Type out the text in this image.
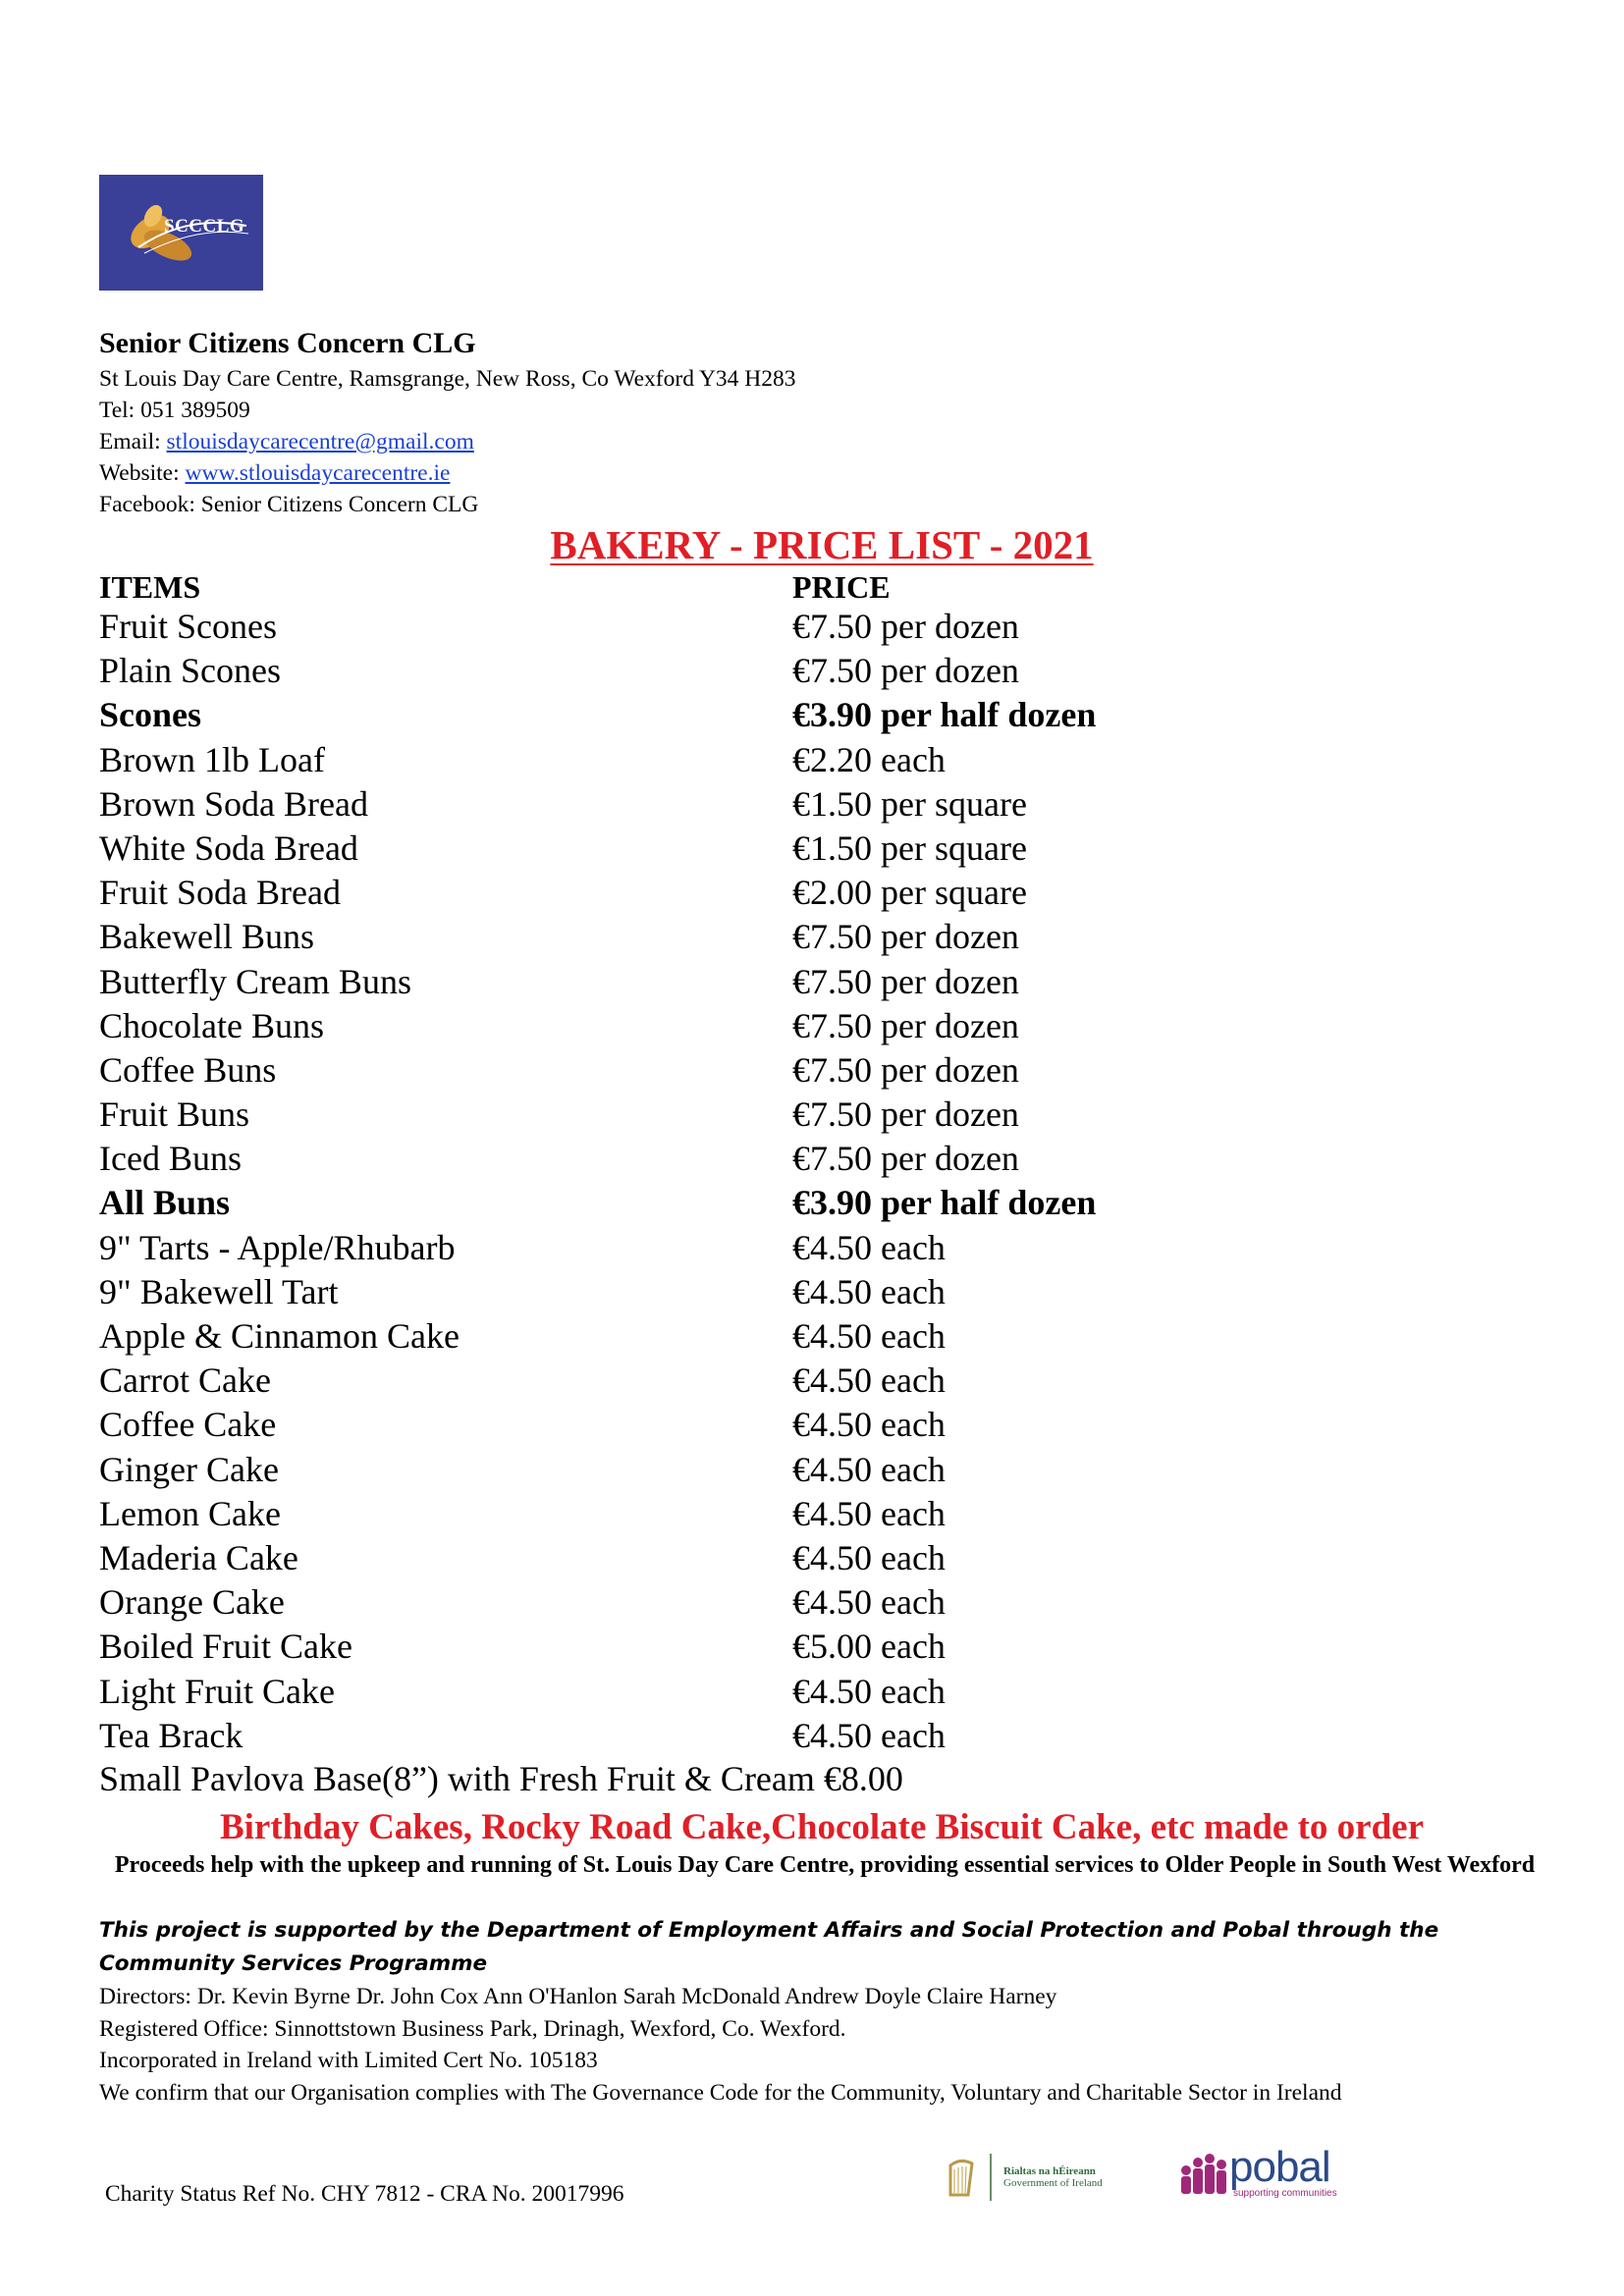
SCCCLG
Senior Citizens Concern CLG
St Louis Day Care Centre, Ramsgrange, New Ross, Co Wexford Y34 H283
Tel: 051 389509
Email: stlouisdaycarecentre@gmail.com
Website: www.stlouisdaycarecentre.ie
Facebook: Senior Citizens Concern CLG
BAKERY - PRICE LIST - 2021
ITEMS	PRICE
Fruit Scones	€7.50 per dozen
Plain Scones	€7.50 per dozen
Scones	€3.90 per half dozen
Brown 1lb Loaf	€2.20 each
Brown Soda Bread	€1.50 per square
White Soda Bread	€1.50 per square
Fruit Soda Bread	€2.00 per square
Bakewell Buns	€7.50 per dozen
Butterfly Cream Buns	€7.50 per dozen
Chocolate Buns	€7.50 per dozen
Coffee Buns	€7.50 per dozen
Fruit Buns	€7.50 per dozen
Iced Buns	€7.50 per dozen
All Buns	€3.90 per half dozen
9" Tarts - Apple/Rhubarb	€4.50 each
9" Bakewell Tart	€4.50 each
Apple & Cinnamon Cake	€4.50 each
Carrot Cake	€4.50 each
Coffee Cake	€4.50 each
Ginger Cake	€4.50 each
Lemon Cake	€4.50 each
Maderia Cake	€4.50 each
Orange Cake	€4.50 each
Boiled Fruit Cake	€5.00 each
Light Fruit Cake	€4.50 each
Tea Brack	€4.50 each
Small Pavlova Base(8”) with Fresh Fruit & Cream €8.00
Birthday Cakes, Rocky Road Cake,Chocolate Biscuit Cake, etc made to order
Proceeds help with the upkeep and running of St. Louis Day Care Centre, providing essential services to Older People in South West Wexford
This project is supported by the Department of Employment Affairs and Social Protection and Pobal through the Community Services Programme
Directors: Dr. Kevin Byrne Dr. John Cox Ann O'Hanlon Sarah McDonald Andrew Doyle Claire Harney
Registered Office: Sinnottstown Business Park, Drinagh, Wexford, Co. Wexford.
Incorporated in Ireland with Limited Cert No. 105183
We confirm that our Organisation complies with The Governance Code for the Community, Voluntary and Charitable Sector in Ireland
Charity Status Ref No. CHY 7812 - CRA No. 20017996
Rialtas na hÉireann
Government of Ireland	pobal
supporting communities
